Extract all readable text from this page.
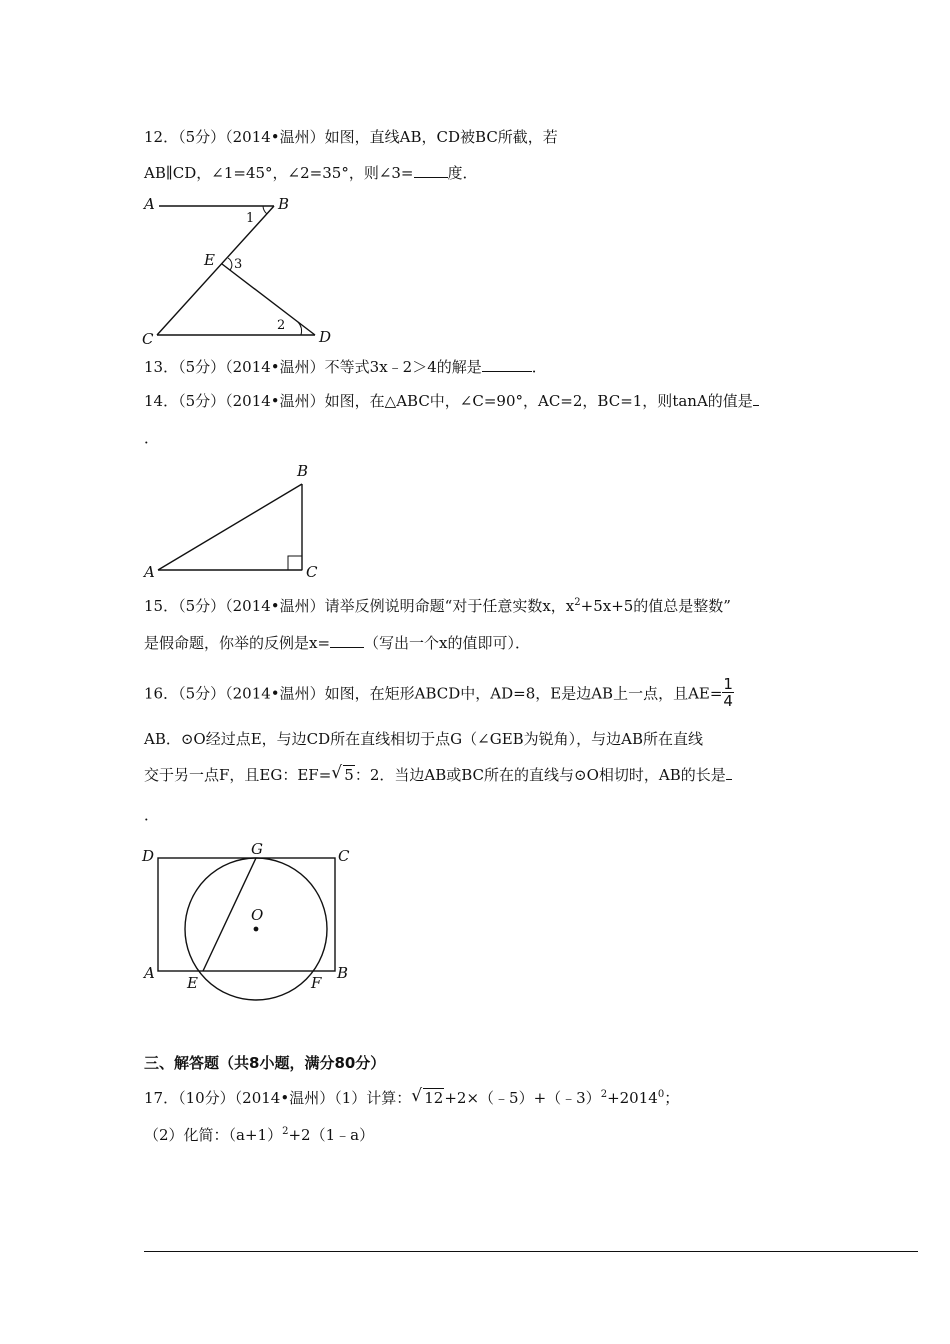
12．（5分）（2014•温州）如图，直线AB，CD被BC所截，若
AB∥CD，∠1=45°，∠2=35°，则∠3= 度．
A	B
E
C	D
1
3
2
13．（5分）（2014•温州）不等式3x﹣2＞4的解是	．
14．（5分）（2014•温州）如图，在△ABC中，∠C=90°，AC=2，BC=1，则tanA的值是
．
A
B
C
15．（5分）（2014•温州）请举反例说明命题“对于任意实数x，$x^2+5x+5$的值总是整数”
是假命题，你举的反例是x= （写出一个x的值即可）．
16．（5分）（2014•温州）如图，在矩形ABCD中，AD=8，E是边AB上一点，且$AE= \frac{1}{4}$
AB．⊙O经过点E，与边CD所在直线相切于点G（∠GEB为锐角），与边AB所在直线
交于另一点F，且EG：EF= √ 5：2．当边AB或BC所在的直线与⊙O相切时，AB的长是
．
D	G	C
O
A
E	F
B
三、解答题（共8小题，满分80分）
17．（10分）（2014•温州）（1）计算： √ $12+2\times(﹣5)+(﹣3)^2+2014^0$；
（2）化简：$(a+1)^2+2(1﹣a)$
